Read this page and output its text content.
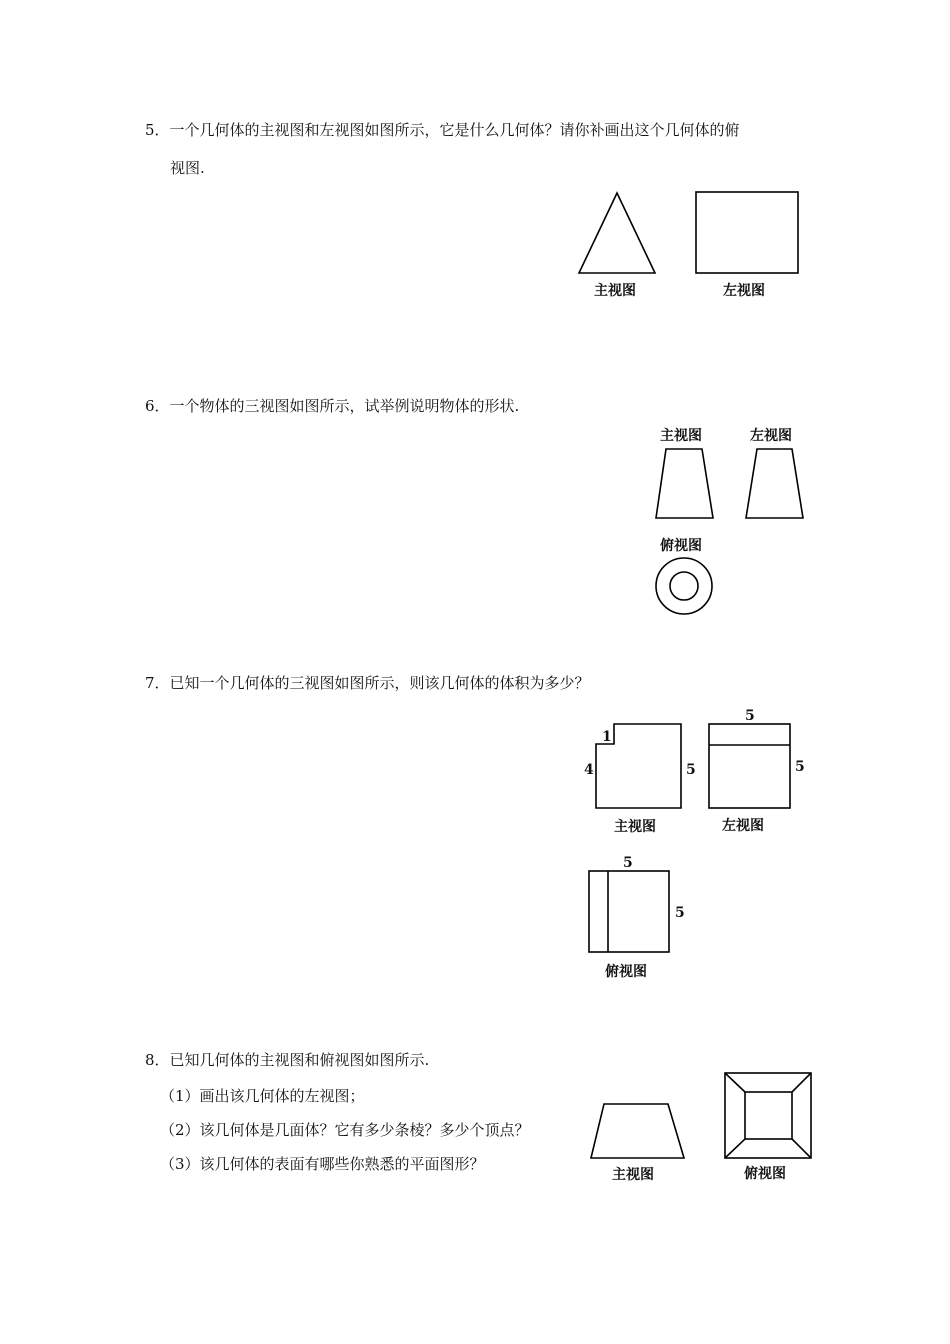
5．一个几何体的主视图和左视图如图所示，它是什么几何体？请你补画出这个几何体的俯
视图.
主视图	左视图
6．一个物体的三视图如图所示，试举例说明物体的形状.
主视图	左视图
俯视图
7．已知一个几何体的三视图如图所示，则该几何体的体积为多少？
1
4	5
5
5
主视图	左视图
5
5
俯视图
8．已知几何体的主视图和俯视图如图所示.
（1）画出该几何体的左视图；
（2）该几何体是几面体？它有多少条棱？多少个顶点？
（3）该几何体的表面有哪些你熟悉的平面图形？
主视图	俯视图
